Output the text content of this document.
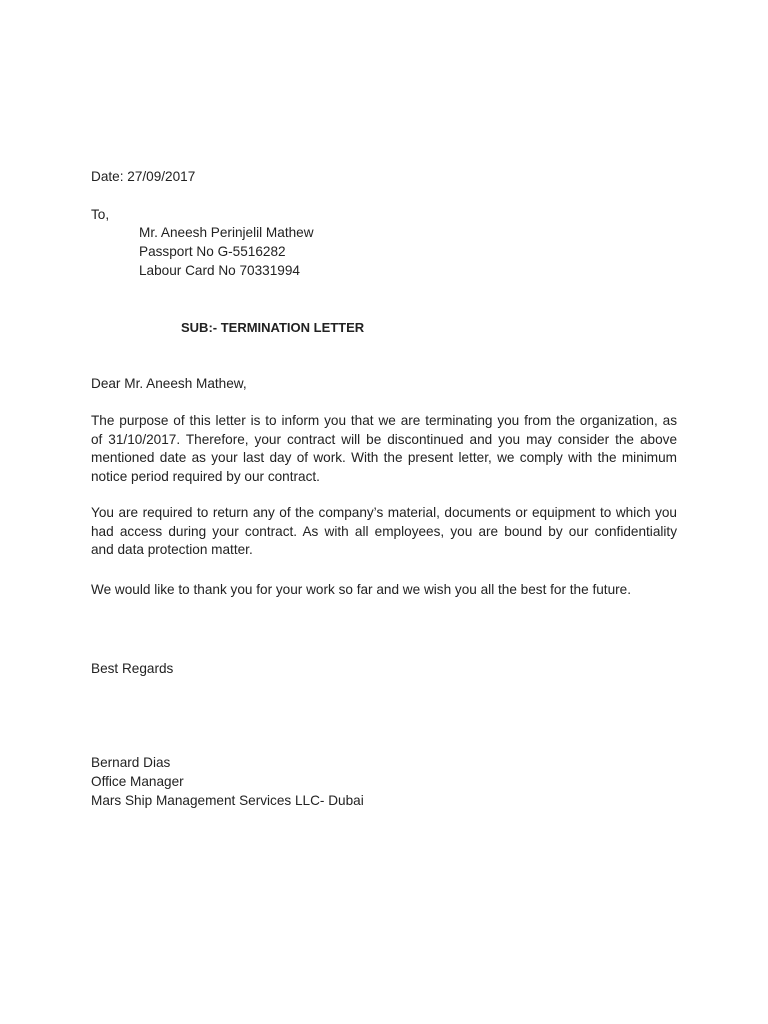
Date: 27/09/2017
To,
Mr. Aneesh Perinjelil Mathew
Passport No G-5516282
Labour Card No 70331994
SUB:- TERMINATION LETTER
Dear Mr. Aneesh Mathew,
The purpose of this letter is to inform you that we are terminating you from the organization, as
of 31/10/2017. Therefore, your contract will be discontinued and you may consider the above
mentioned date as your last day of work. With the present letter, we comply with the minimum
notice period required by our contract.
You are required to return any of the company’s material, documents or equipment to which you
had access during your contract. As with all employees, you are bound by our confidentiality
and data protection matter.
We would like to thank you for your work so far and we wish you all the best for the future.
Best Regards
Bernard Dias
Office Manager
Mars Ship Management Services LLC- Dubai
